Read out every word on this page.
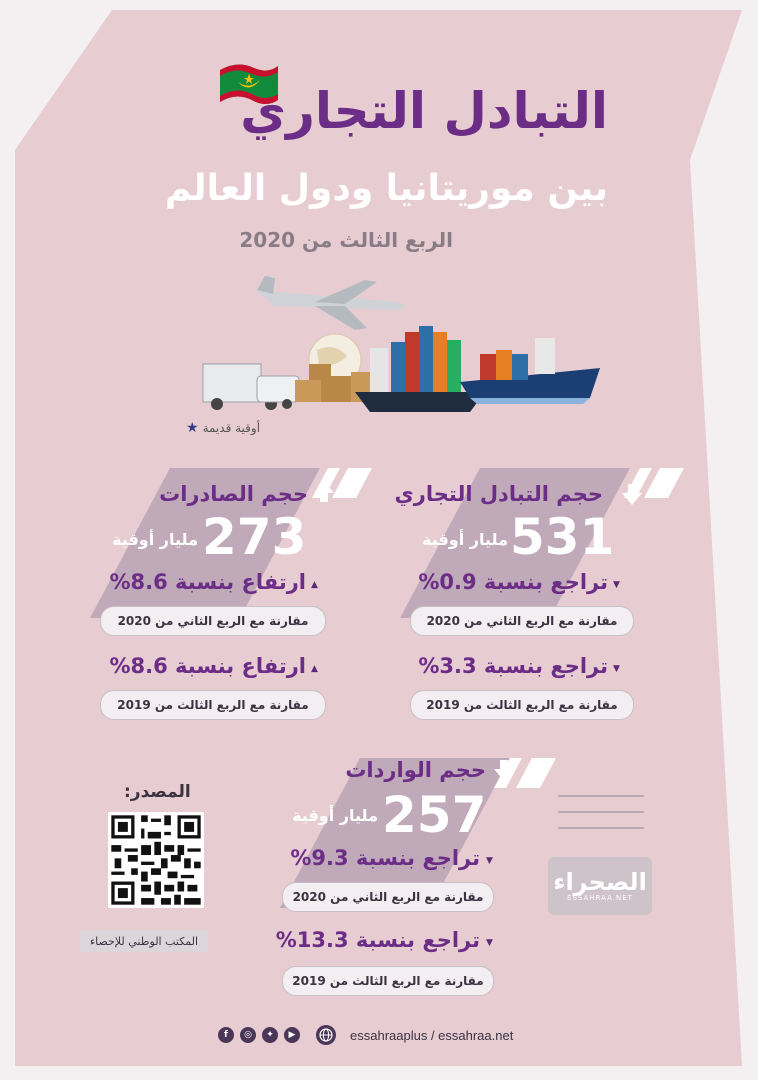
التبادل التجاري
بين موريتانيا ودول العالم
الربع الثالث من 2020
أوقية قديمة
★
حجم التبادل التجاري
531
مليار أوقية
تراجع بنسبة 0.9% ▼
مقارنة مع الربع الثاني من 2020
تراجع بنسبة 3.3% ▼
مقارنة مع الربع الثالث من 2019
حجم الصادرات
273
مليار أوقية
ارتفاع بنسبة 8.6% ▲
مقارنة مع الربع الثاني من 2020
ارتفاع بنسبة 8.6% ▲
مقارنة مع الربع الثالث من 2019
حجم الواردات
257
مليار أوقية
تراجع بنسبة 9.3% ▼
مقارنة مع الربع الثاني من 2020
تراجع بنسبة 13.3% ▼
مقارنة مع الربع الثالث من 2019
الصحراء
ESSAHRAA.NET
المصدر:
المكتب الوطني للإحصاء
f	◎	✦	▶	essahraaplus / essahraa.net
